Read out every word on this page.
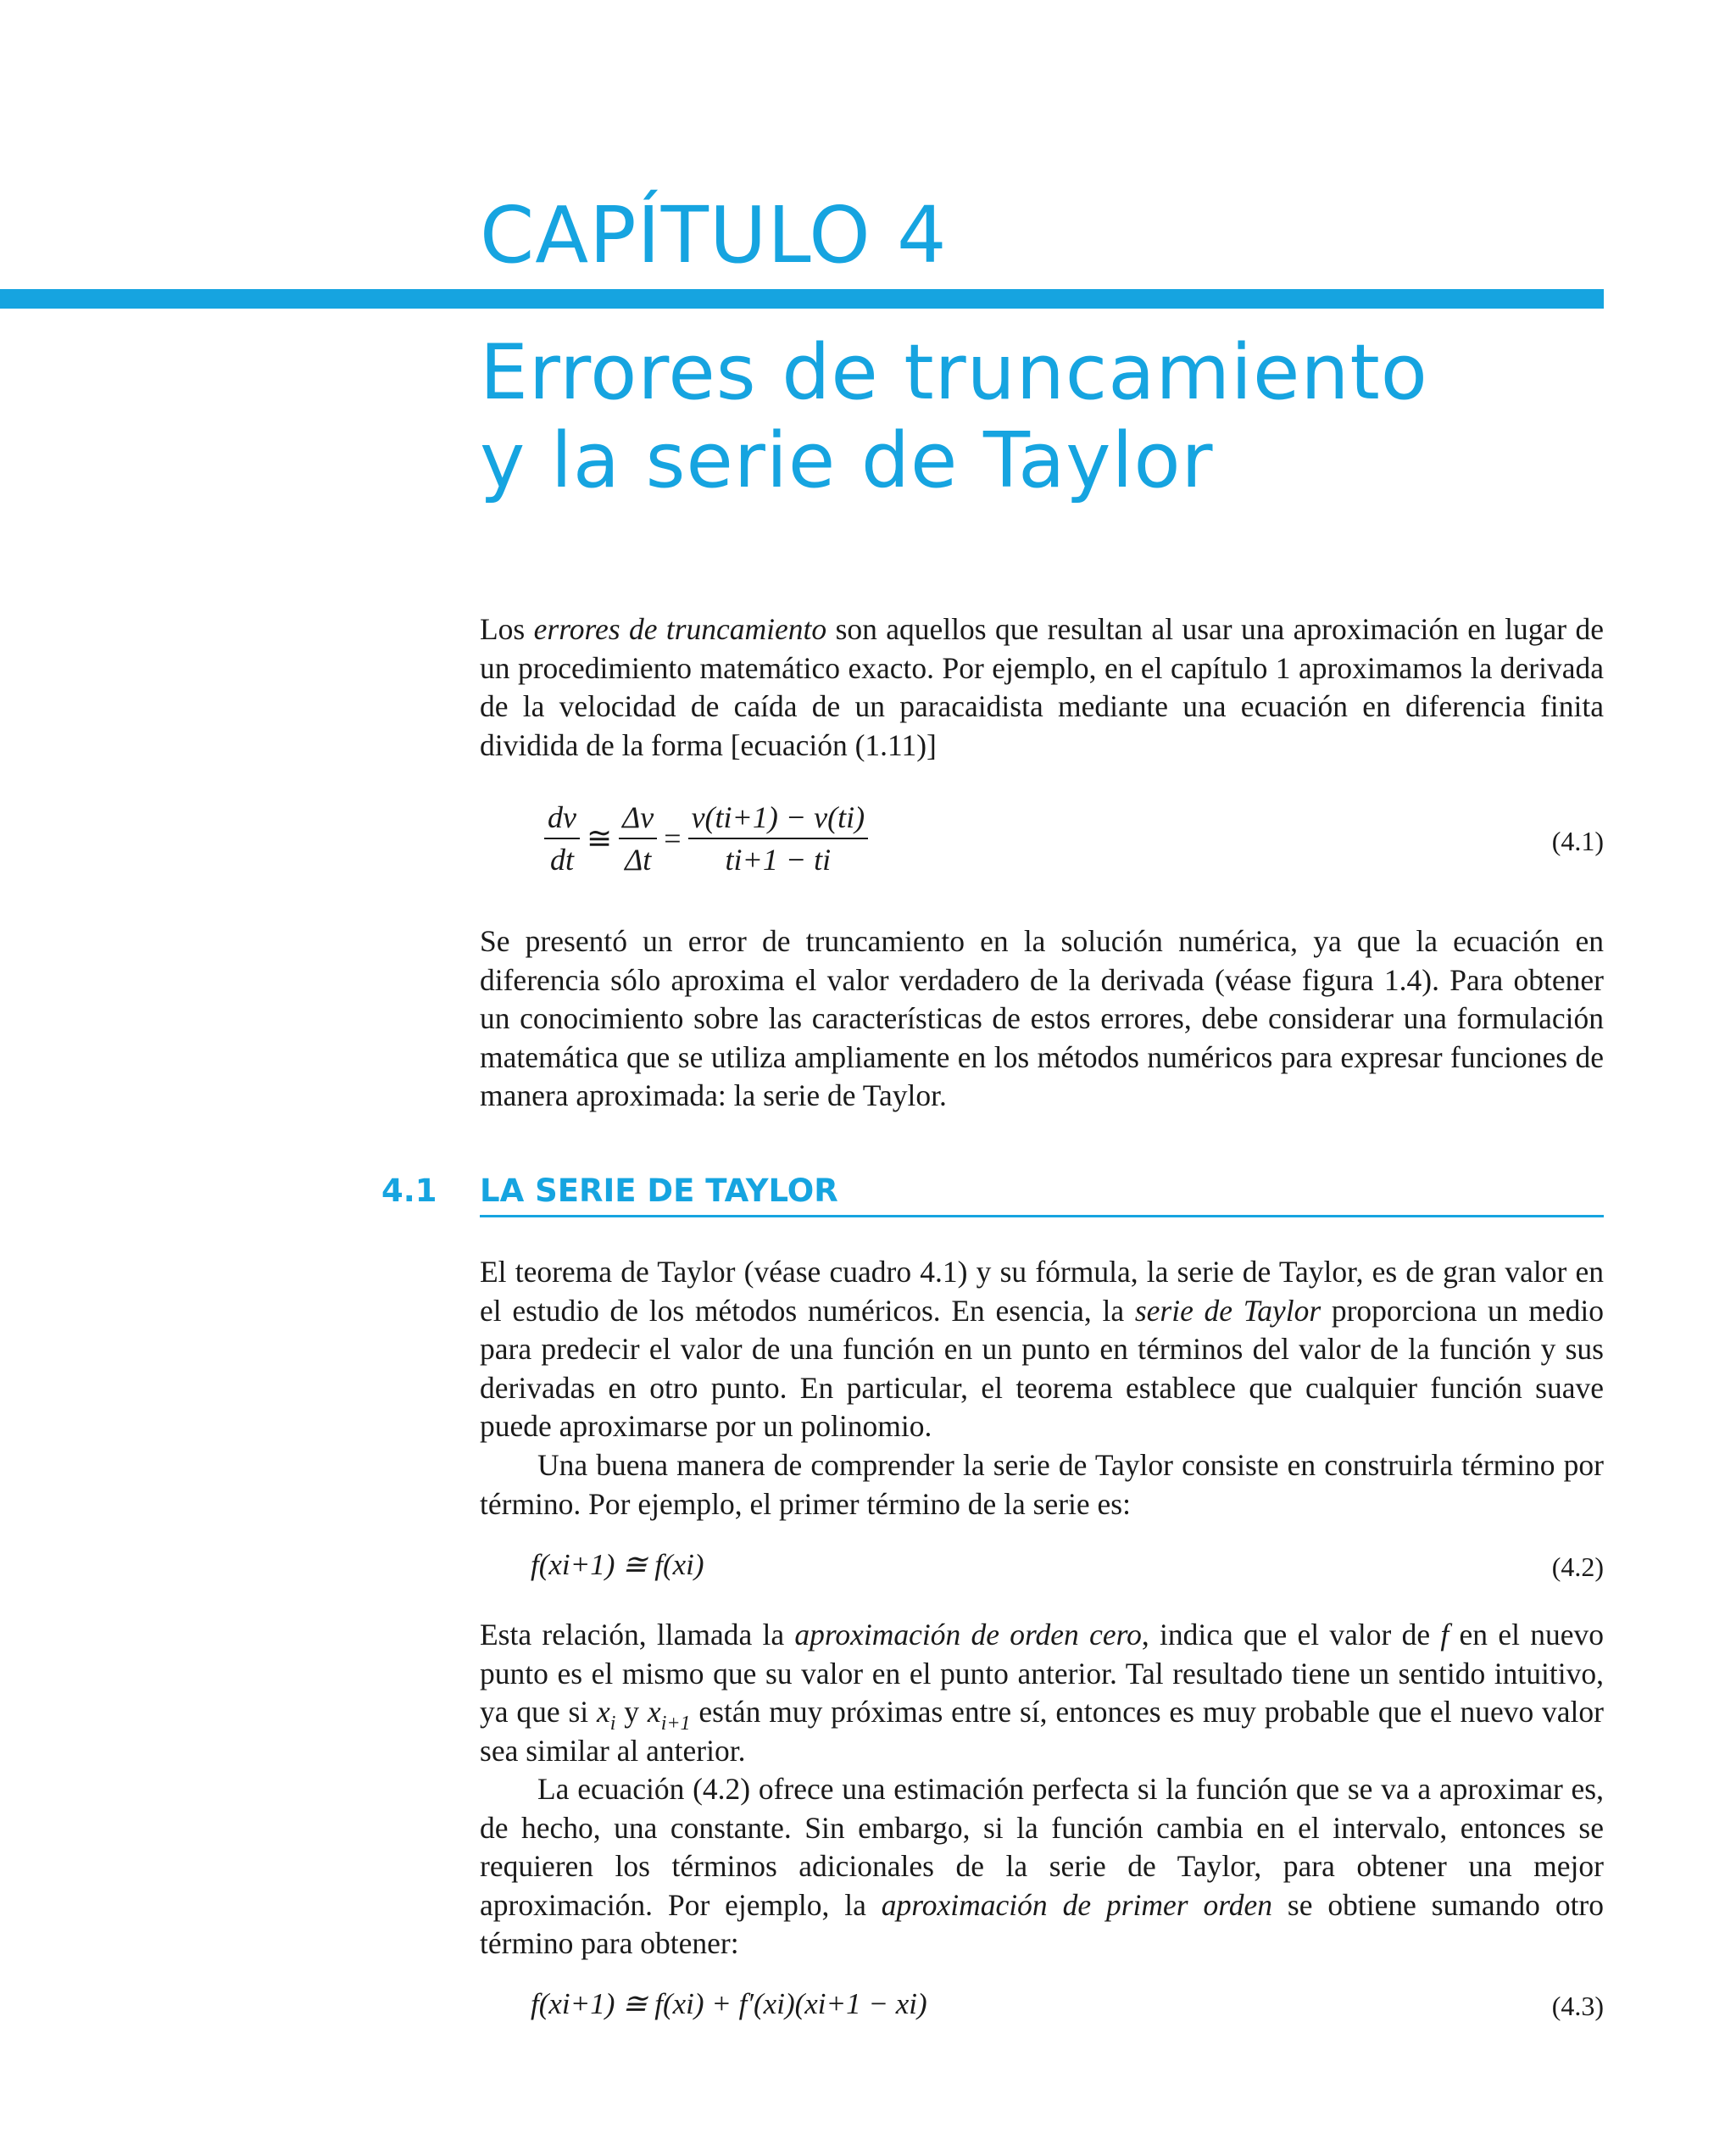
CAPÍTULO 4
Errores de truncamiento
y la serie de Taylor

Los errores de truncamiento son aquellos que resultan al usar una aproximación en lugar de un procedimiento matemático exacto. Por ejemplo, en el capítulo 1 aproximamos la derivada de la velocidad de caída de un paracaidista mediante una ecuación en diferencia finita dividida de la forma [ecuación (1.11)]

$\frac{dv}{dt}$ ≅ $\frac{\Delta v}{\Delta t} = \frac{v(ti+1) - v(ti)}{ti+1 - ti}$	(4.1)

Se presentó un error de truncamiento en la solución numérica, ya que la ecuación en diferencia sólo aproxima el valor verdadero de la derivada (véase figura 1.4). Para obtener un conocimiento sobre las características de estos errores, debe considerar una formulación matemática que se utiliza ampliamente en los métodos numéricos para expresar funciones de manera aproximada: la serie de Taylor.

4.1 LA SERIE DE TAYLOR

El teorema de Taylor (véase cuadro 4.1) y su fórmula, la serie de Taylor, es de gran valor en el estudio de los métodos numéricos. En esencia, la serie de Taylor proporciona un medio para predecir el valor de una función en un punto en términos del valor de la función y sus derivadas en otro punto. En particular, el teorema establece que cualquier función suave puede aproximarse por un polinomio.

Una buena manera de comprender la serie de Taylor consiste en construirla término por término. Por ejemplo, el primer término de la serie es:

f(xi+1) ≅ f(xi)	(4.2)

Esta relación, llamada la aproximación de orden cero, indica que el valor de f en el nuevo punto es el mismo que su valor en el punto anterior. Tal resultado tiene un sentido intuitivo, ya que si $x_i$ y $x_{i+1}$ están muy próximas entre sí, entonces es muy probable que el nuevo valor sea similar al anterior.

La ecuación (4.2) ofrece una estimación perfecta si la función que se va a aproximar es, de hecho, una constante. Sin embargo, si la función cambia en el intervalo, entonces se requieren los términos adicionales de la serie de Taylor, para obtener una mejor aproximación. Por ejemplo, la aproximación de primer orden se obtiene sumando otro término para obtener:

f(xi+1) ≅ f(xi) + f′(xi)(xi+1 − xi)	(4.3)
